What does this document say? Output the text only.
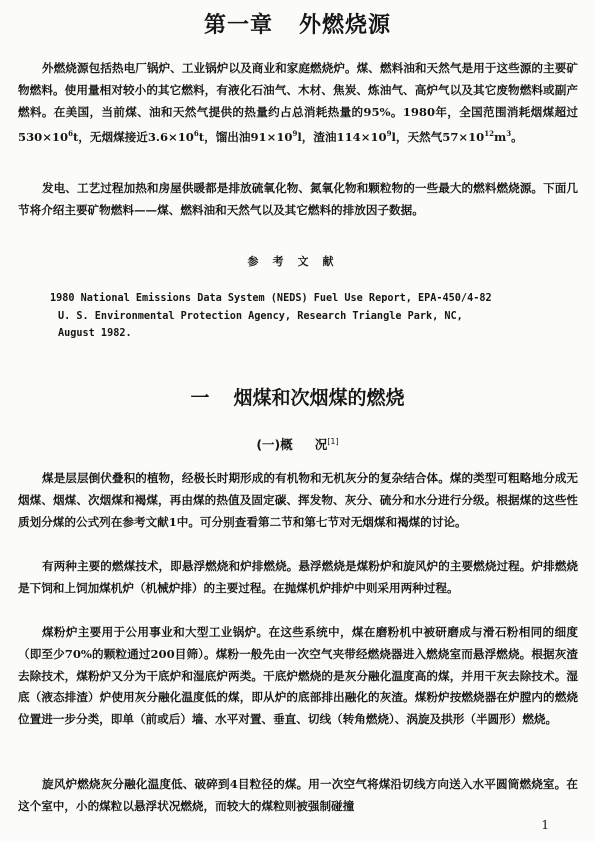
第一章 外燃烧源

外燃烧源包括热电厂锅炉、工业锅炉以及商业和家庭燃烧炉。煤、燃料油和天然气是用于这些源的主要矿物燃料。使用量相对较小的其它燃料，有液化石油气、木材、焦炭、炼油气、高炉气以及其它废物燃料或副产燃料。在美国，当前煤、油和天然气提供的热量约占总消耗热量的95%。1980年，全国范围消耗烟煤超过$530\times 10^6t$，无烟煤接近$3.6\times 10^6t$，馏出油$91\times 10^9l$，渣油$114\times 10^9l$，天然气$57\times 10^{12}m^3$。

发电、工艺过程加热和房屋供暖都是排放硫氧化物、氮氧化物和颗粒物的一些最大的燃料燃烧源。下面几节将介绍主要矿物燃料——煤、燃料油和天然气以及其它燃料的排放因子数据。

参考文献

1980 National Emissions Data System (NEDS) Fuel Use Report, EPA-450/4-82
U. S. Environmental Protection Agency, Research Triangle Park, NC,
August 1982.

一 烟煤和次烟煤的燃烧
(一)概 况[1]

煤是层层倒伏叠积的植物，经极长时期形成的有机物和无机灰分的复杂结合体。煤的类型可粗略地分成无烟煤、烟煤、次烟煤和褐煤，再由煤的热值及固定碳、挥发物、灰分、硫分和水分进行分级。根据煤的这些性质划分煤的公式列在参考文献1中。可分别查看第二节和第七节对无烟煤和褐煤的讨论。

有两种主要的燃煤技术，即悬浮燃烧和炉排燃烧。悬浮燃烧是煤粉炉和旋风炉的主要燃烧过程。炉排燃烧是下饲和上饲加煤机炉（机械炉排）的主要过程。在抛煤机炉排炉中则采用两种过程。

煤粉炉主要用于公用事业和大型工业锅炉。在这些系统中，煤在磨粉机中被研磨成与滑石粉相同的细度（即至少70%的颗粒通过200目筛）。煤粉一般先由一次空气夹带经燃烧器进入燃烧室而悬浮燃烧。根据灰渣去除技术，煤粉炉又分为干底炉和湿底炉两类。干底炉燃烧的是灰分融化温度高的煤，并用干灰去除技术。湿底（液态排渣）炉使用灰分融化温度低的煤，即从炉的底部排出融化的灰渣。煤粉炉按燃烧器在炉膛内的燃烧位置进一步分类，即单（前或后）墙、水平对置、垂直、切线（转角燃烧）、涡旋及拱形（半圆形）燃烧。

旋风炉燃烧灰分融化温度低、破碎到4目粒径的煤。用一次空气将煤沿切线方向送入水平圆筒燃烧室。在这个室中，小的煤粒以悬浮状况燃烧，而较大的煤粒则被强制碰撞

1
